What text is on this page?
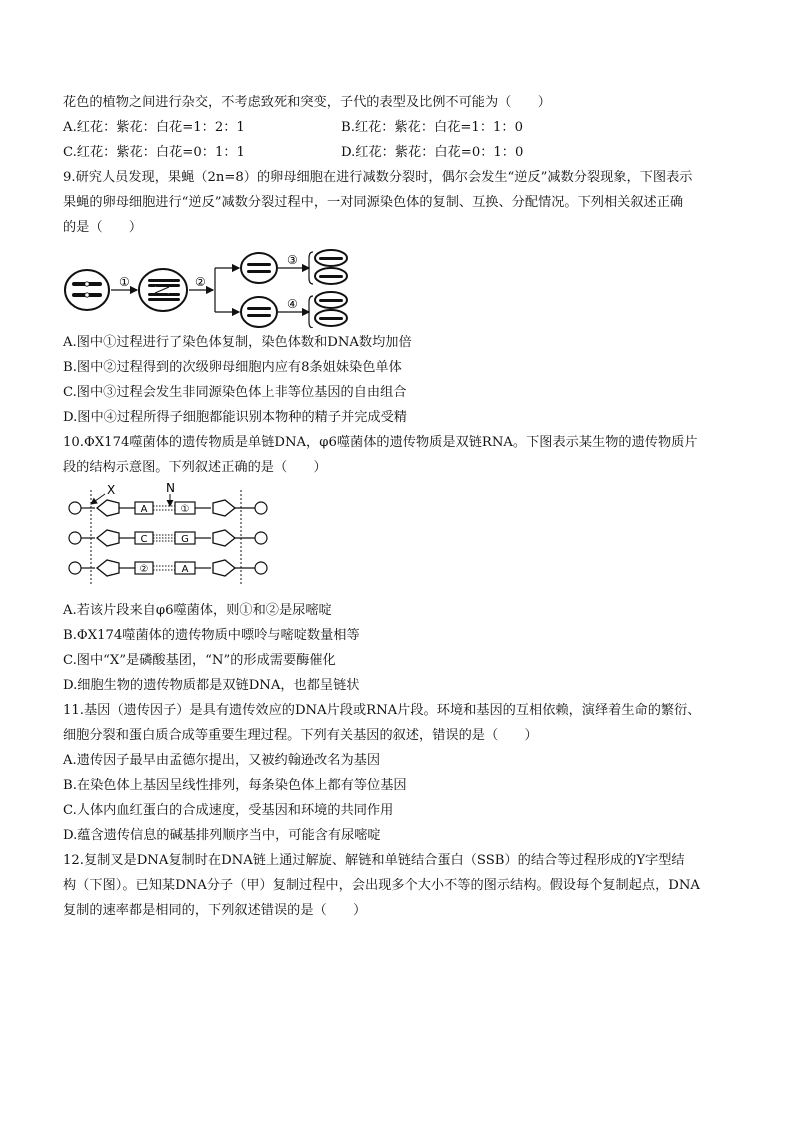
花色的植物之间进行杂交，不考虑致死和突变，子代的表型及比例不可能为（　　）
A.红花：紫花：白花=1：2：1	B.红花：紫花：白花=1：1：0
C.红花：紫花：白花=0：1：1	D.红花：紫花：白花=0：1：0
9.研究人员发现，果蝇（2n=8）的卵母细胞在进行减数分裂时，偶尔会发生“逆反”减数分裂现象，下图表示
果蝇的卵母细胞进行“逆反”减数分裂过程中，一对同源染色体的复制、互换、分配情况。下列相关叙述正确
的是（　　）
①	②
③
④
A.图中①过程进行了染色体复制，染色体数和DNA数均加倍
B.图中②过程得到的次级卵母细胞内应有8条姐妹染色单体
C.图中③过程会发生非同源染色体上非等位基因的自由组合
D.图中④过程所得子细胞都能识别本物种的精子并完成受精
10.ΦX174噬菌体的遗传物质是单链DNA，φ6噬菌体的遗传物质是双链RNA。下图表示某生物的遗传物质片
段的结构示意图。下列叙述正确的是（　　）
X	N
A	①
C	G
②	A
A.若该片段来自φ6噬菌体，则①和②是尿嘧啶
B.ΦX174噬菌体的遗传物质中嘌呤与嘧啶数量相等
C.图中“X”是磷酸基团，“N”的形成需要酶催化
D.细胞生物的遗传物质都是双链DNA，也都呈链状
11.基因（遗传因子）是具有遗传效应的DNA片段或RNA片段。环境和基因的互相依赖，演绎着生命的繁衍、
细胞分裂和蛋白质合成等重要生理过程。下列有关基因的叙述，错误的是（　　）
A.遗传因子最早由孟德尔提出，又被约翰逊改名为基因
B.在染色体上基因呈线性排列，每条染色体上都有等位基因
C.人体内血红蛋白的合成速度，受基因和环境的共同作用
D.蕴含遗传信息的碱基排列顺序当中，可能含有尿嘧啶
12.复制叉是DNA复制时在DNA链上通过解旋、解链和单链结合蛋白（SSB）的结合等过程形成的Y字型结
构（下图）。已知某DNA分子（甲）复制过程中，会出现多个大小不等的图示结构。假设每个复制起点，DNA
复制的速率都是相同的，下列叙述错误的是（　　）
